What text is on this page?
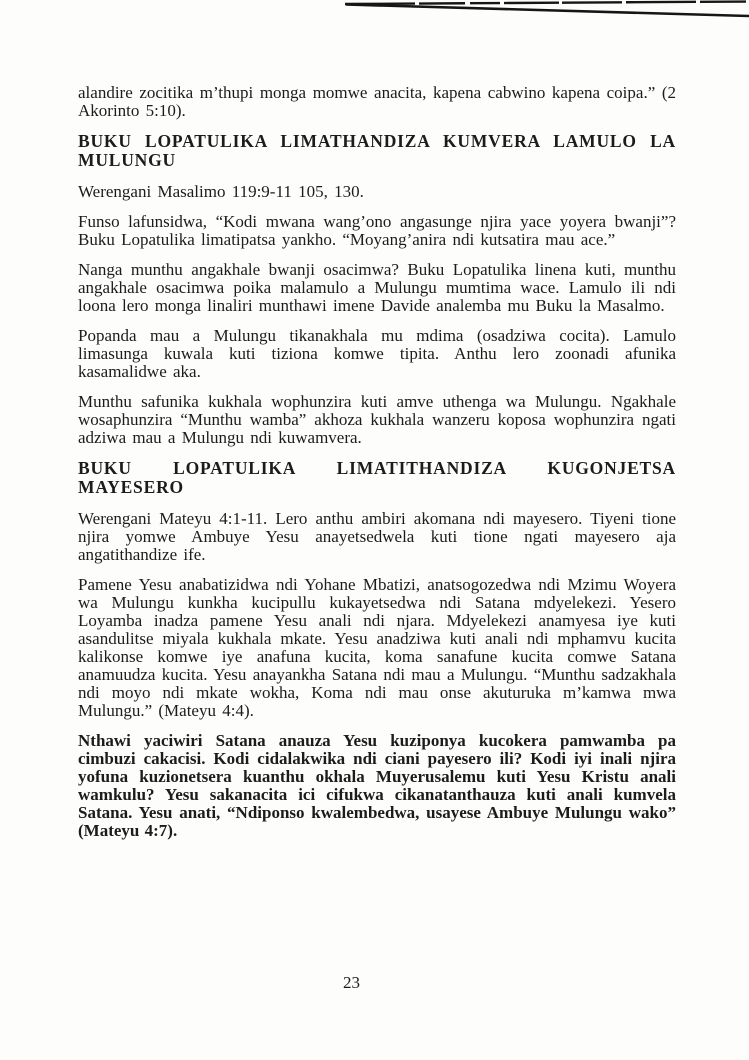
alandire zocitika m’thupi monga momwe anacita, kapena cabwino kapena coipa.” (2 Akorinto 5:10).

BUKU LOPATULIKA LIMATHANDIZA KUMVERA LAMULO LA MULUNGU

Werengani Masalimo 119:9-11 105, 130.

Funso lafunsidwa, “Kodi mwana wang’ono angasunge njira yace yoyera bwanji”? Buku Lopatulika limatipatsa yankho. “Moyang’anira ndi kutsatira mau ace.”

Nanga munthu angakhale bwanji osacimwa? Buku Lopatulika linena kuti, munthu angakhale osacimwa poika malamulo a Mulungu mumtima wace. Lamulo ili ndi loona lero monga linaliri munthawi imene Davide analemba mu Buku la Masalmo.

Popanda mau a Mulungu tikanakhala mu mdima (osadziwa cocita). Lamulo limasunga kuwala kuti tiziona komwe tipita. Anthu lero zoonadi afunika kasamalidwe aka.

Munthu safunika kukhala wophunzira kuti amve uthenga wa Mulungu. Ngakhale wosaphunzira “Munthu wamba” akhoza kukhala wanzeru koposa wophunzira ngati adziwa mau a Mulungu ndi kuwamvera.

BUKU LOPATULIKA LIMATITHANDIZA KUGONJETSA MAYESERO

Werengani Mateyu 4:1-11. Lero anthu ambiri akomana ndi mayesero. Tiyeni tione njira yomwe Ambuye Yesu anayetsedwela kuti tione ngati mayesero aja angatithandize ife.

Pamene Yesu anabatizidwa ndi Yohane Mbatizi, anatsogozedwa ndi Mzimu Woyera wa Mulungu kunkha kucipullu kukayetsedwa ndi Satana mdyelekezi. Yesero Loyamba inadza pamene Yesu anali ndi njara. Mdyelekezi anamyesa iye kuti asandulitse miyala kukhala mkate. Yesu anadziwa kuti anali ndi mphamvu kucita kalikonse komwe iye anafuna kucita, koma sanafune kucita comwe Satana anamuudza kucita. Yesu anayankha Satana ndi mau a Mulungu. “Munthu sadzakhala ndi moyo ndi mkate wokha, Koma ndi mau onse akuturuka m’kamwa mwa Mulungu.” (Mateyu 4:4).

Nthawi yaciwiri Satana anauza Yesu kuziponya kucokera pamwamba pa cimbuzi cakacisi. Kodi cidalakwika ndi ciani payesero ili? Kodi iyi inali njira yofuna kuzionetsera kuanthu okhala Muyerusalemu kuti Yesu Kristu anali wamkulu? Yesu sakanacita ici cifukwa cikanatanthauza kuti anali kumvela Satana. Yesu anati, “Ndiponso kwalembedwa, usayese Ambuye Mulungu wako” (Mateyu 4:7).

23
